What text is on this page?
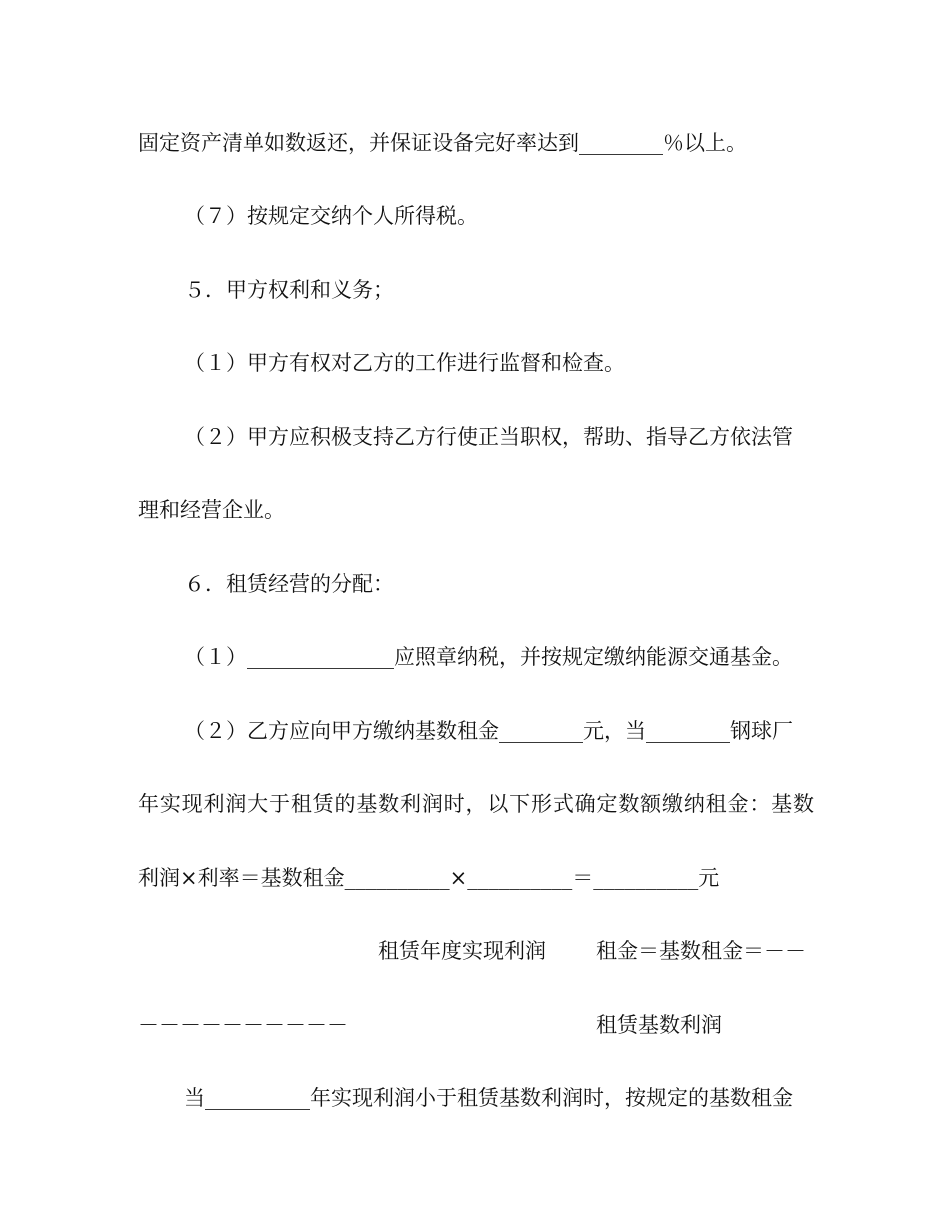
固定资产清单如数返还，并保证设备完好率达到________％以上。
（７）按规定交纳个人所得税。
５．甲方权利和义务；
（１）甲方有权对乙方的工作进行监督和检查。
（２）甲方应积极支持乙方行使正当职权，帮助、指导乙方依法管
理和经营企业。
６．租赁经营的分配：
（１）______________应照章纳税，并按规定缴纳能源交通基金。
（２）乙方应向甲方缴纳基数租金________元，当________钢球厂
年实现利润大于租赁的基数利润时，以下形式确定数额缴纳租金：基数
利润×利率＝基数租金__________×__________＝__________元
租赁年度实现利润 租金＝基数租金＝－－
－－－－－－－－－－	租赁基数利润
当__________年实现利润小于租赁基数利润时，按规定的基数租金
